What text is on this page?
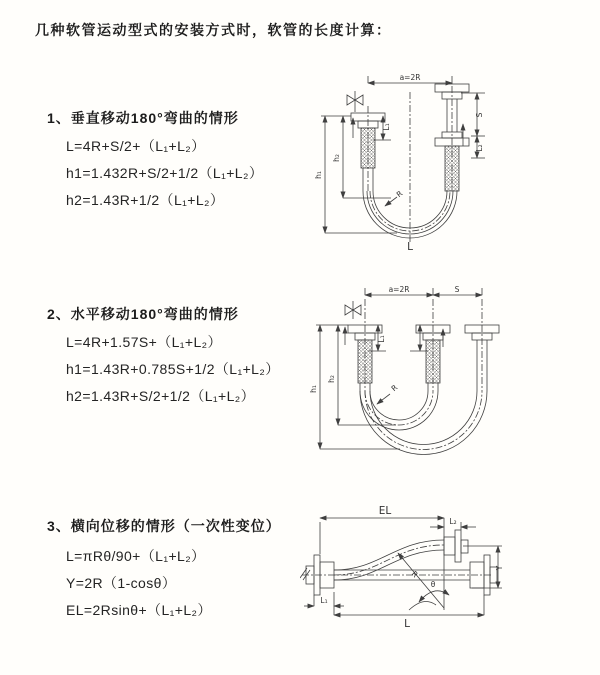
几种软管运动型式的安装方式时，软管的长度计算：
1、垂直移动180°弯曲的情形
L=4R+S/2+（L₁+L₂）
h1=1.432R+S/2+1/2（L₁+L₂）
h2=1.43R+1/2（L₁+L₂）
a=2R
L₁
S
L₂
h₁
h₂
R
L
2、水平移动180°弯曲的情形
L=4R+1.57S+（L₁+L₂）
h1=1.43R+0.785S+1/2（L₁+L₂）
h2=1.43R+S/2+1/2（L₁+L₂）
a=2R	S
L₁
h₁
h₂
R
3、横向位移的情形（一次性变位）
L=πRθ/90+（L₁+L₂）
Y=2R（1-cosθ）
EL=2Rsinθ+（L₁+L₂）
EL
L₂
Y
R
θ
L
L₁
